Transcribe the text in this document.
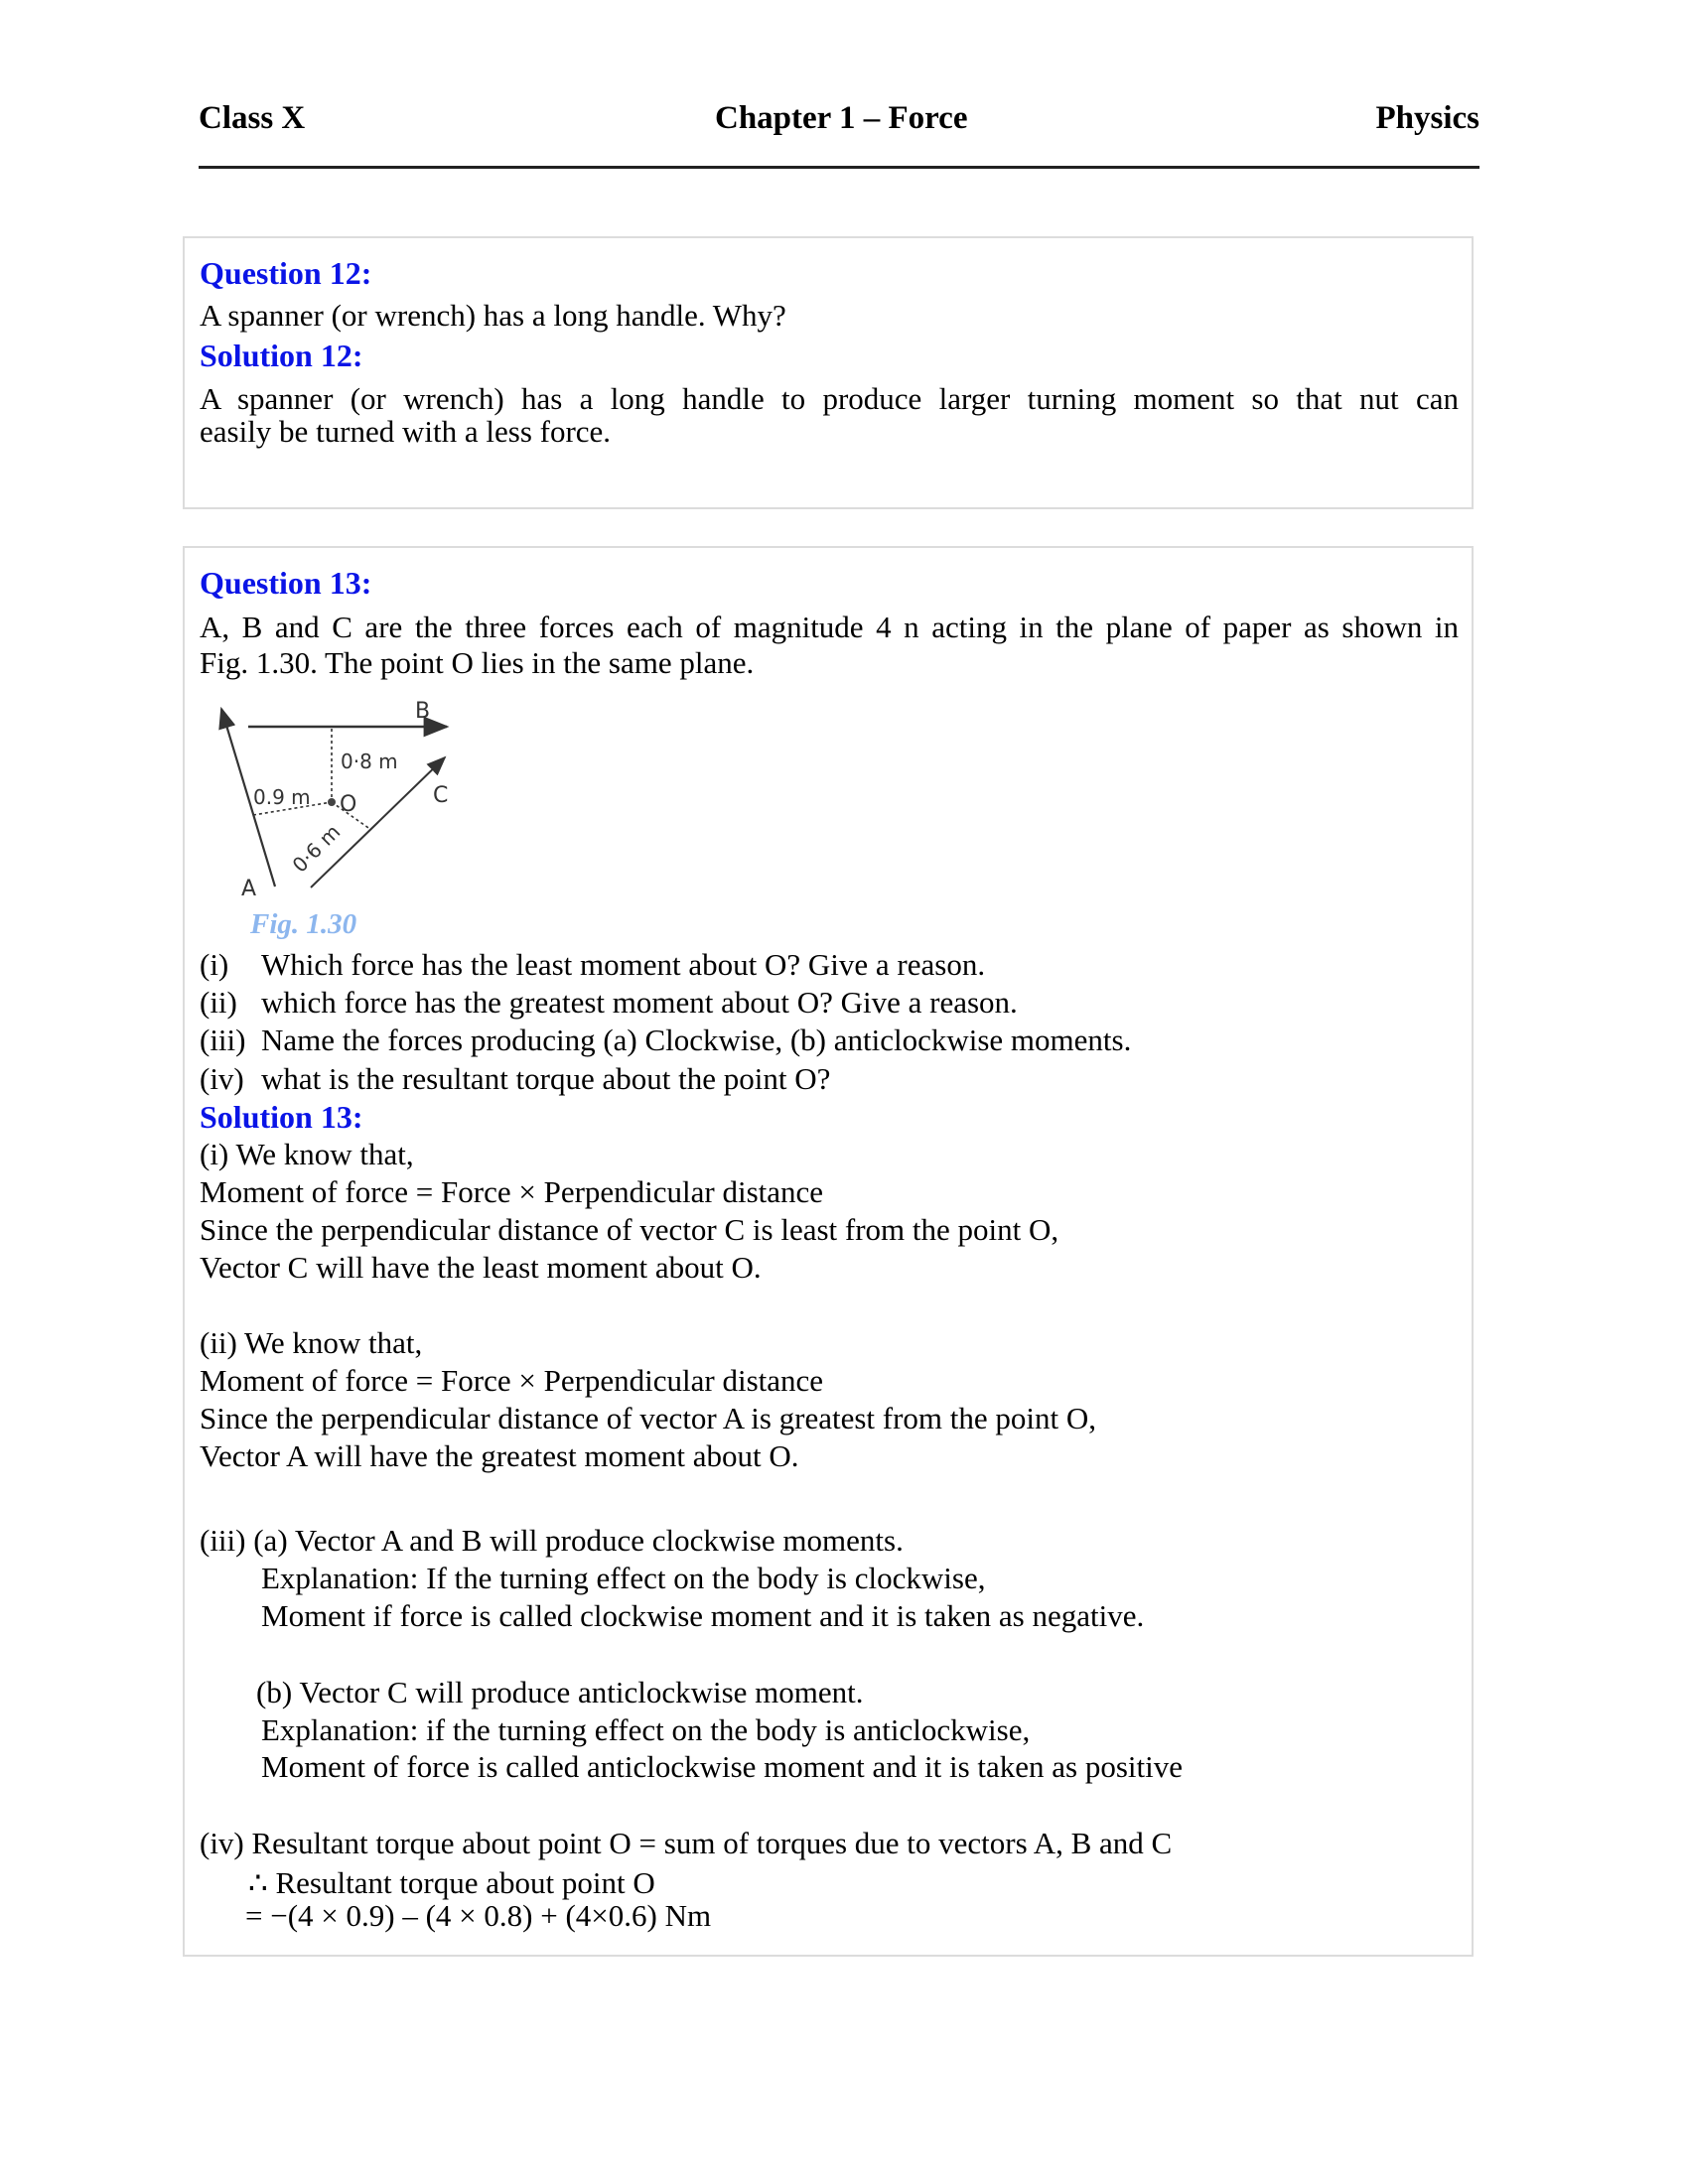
Class X	Chapter 1 – Force	Physics
Question 12:
A spanner (or wrench) has a long handle. Why?
Solution 12:
A spanner (or wrench) has a long handle to produce larger turning moment so that nut can
easily be turned with a less force.
Question 13:
A, B and C are the three forces each of magnitude 4 n acting in the plane of paper as shown in
Fig. 1.30. The point O lies in the same plane.
B
C
A
O
0·8 m
0.9 m
0·6 m
Fig. 1.30
(i) Which force has the least moment about O? Give a reason.
(ii) which force has the greatest moment about O? Give a reason.
(iii) Name the forces producing (a) Clockwise, (b) anticlockwise moments.
(iv) what is the resultant torque about the point O?
Solution 13:
(i) We know that,
Moment of force = Force × Perpendicular distance
Since the perpendicular distance of vector C is least from the point O,
Vector C will have the least moment about O.
(ii) We know that,
Moment of force = Force × Perpendicular distance
Since the perpendicular distance of vector A is greatest from the point O,
Vector A will have the greatest moment about O.
(iii) (a) Vector A and B will produce clockwise moments.
Explanation: If the turning effect on the body is clockwise,
Moment if force is called clockwise moment and it is taken as negative.
(b) Vector C will produce anticlockwise moment.
Explanation: if the turning effect on the body is anticlockwise,
Moment of force is called anticlockwise moment and it is taken as positive
(iv) Resultant torque about point O = sum of torques due to vectors A, B and C
∴ Resultant torque about point O
= −(4 × 0.9) – (4 × 0.8) + (4×0.6) Nm
